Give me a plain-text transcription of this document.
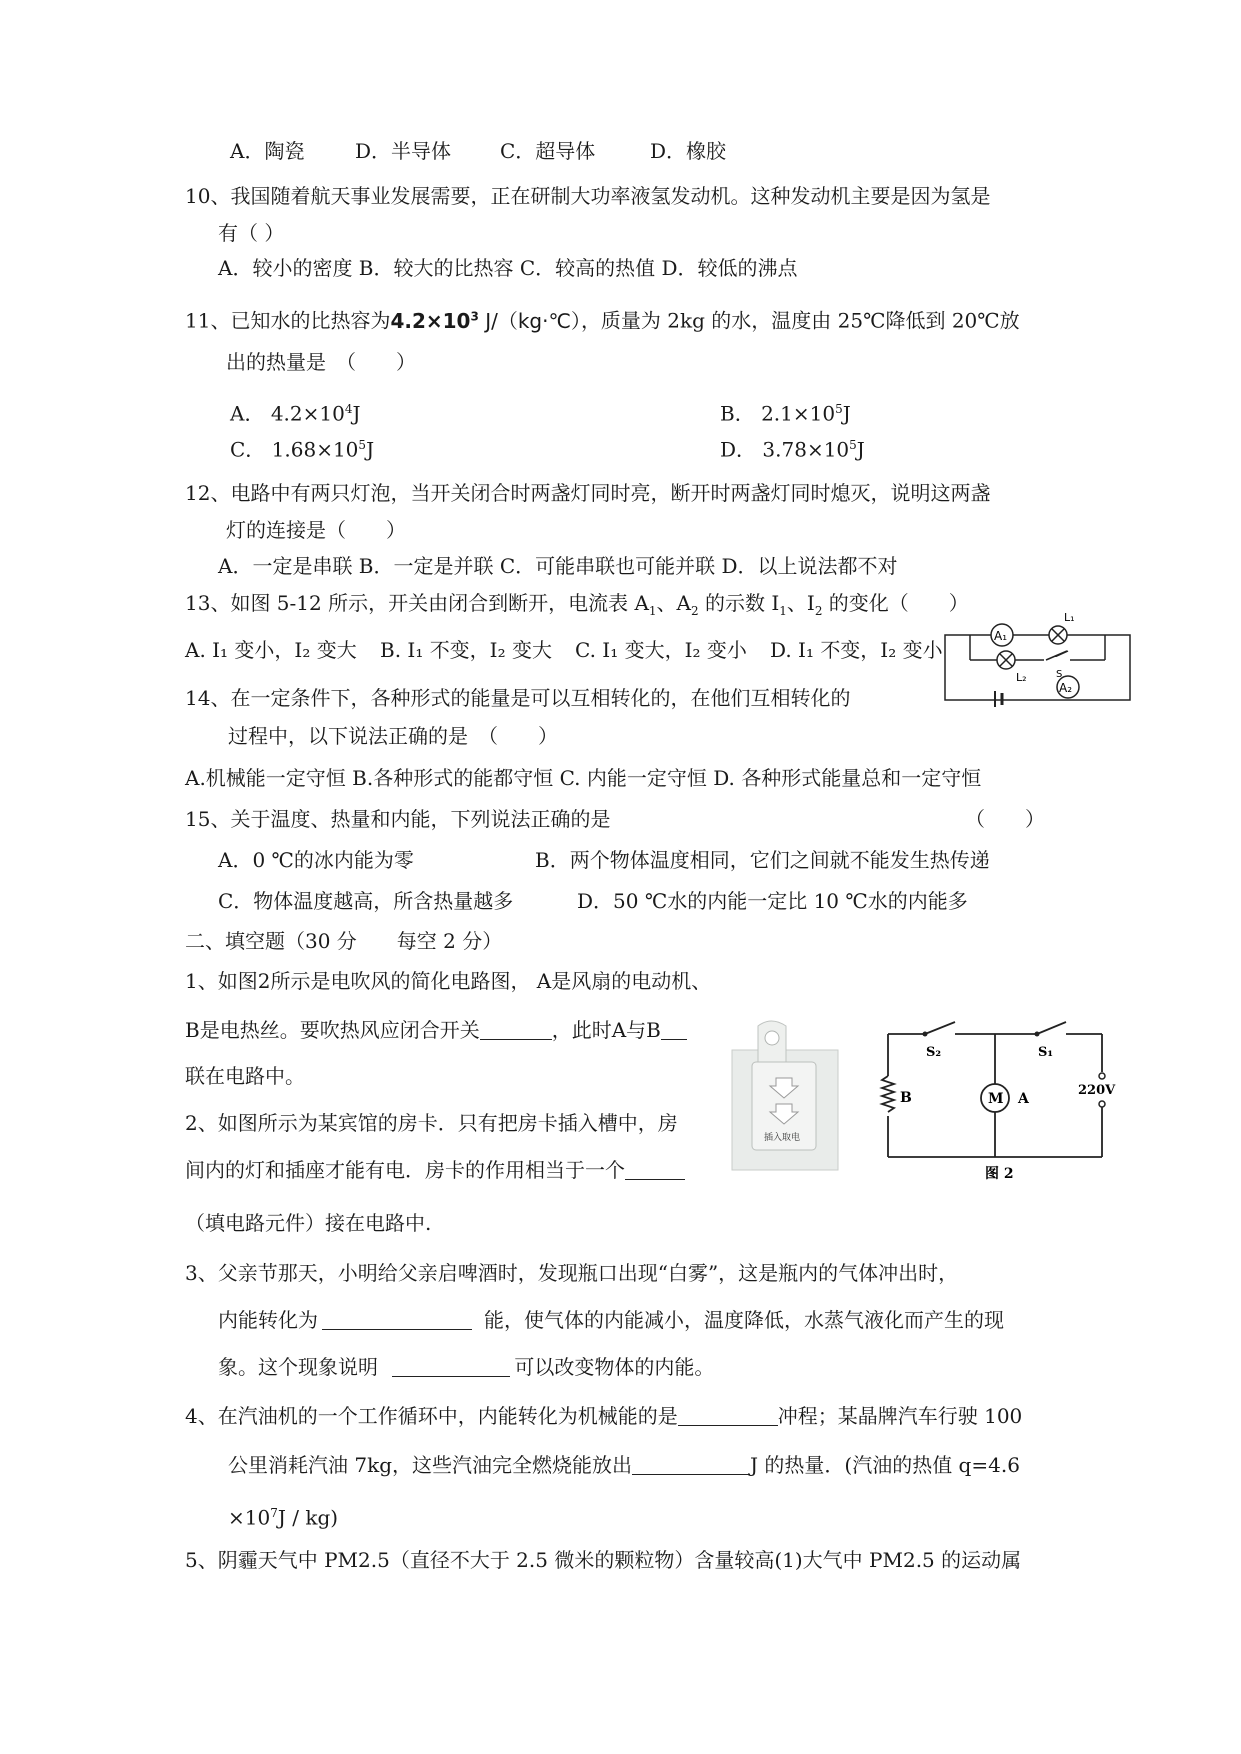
A．陶瓷	D．半导体 C．超导体	D．橡胶
10、我国随着航天事业发展需要，正在研制大功率液氢发动机。这种发动机主要是因为氢是
有（ ）
A．较小的密度 B．较大的比热容 C．较高的热值 D．较低的沸点
11、已知水的比热容为$4.2\times 10^3$ J/（kg·℃），质量为 2kg 的水，温度由 25℃降低到 20℃放
出的热量是　（　　）
A． $4.2\times 10^4J$	B． $2.1\times 10^5J$
C． $1.68\times 10^5J$	D． $3.78\times 10^5J$
12、电路中有两只灯泡，当开关闭合时两盏灯同时亮，断开时两盏灯同时熄灭，说明这两盏
灯的连接是（　　）
A．一定是串联 B．一定是并联 C．可能串联也可能并联 D．以上说法都不对
13、如图 5-12 所示，开关由闭合到断开，电流表 $A_1$、$A_2$ 的示数 $I_1$、$I_2$ 的变化（　　）
A. I₁ 变小，I₂ 变大 B. I₁ 不变，I₂ 变大 C. I₁ 变大，I₂ 变小 D. I₁ 不变，I₂ 变小
A₁
L₁
L₂	S
A₂
14、在一定条件下，各种形式的能量是可以互相转化的，在他们互相转化的
过程中，以下说法正确的是　（　　）
A.机械能一定守恒 B.各种形式的能都守恒 C. 内能一定守恒 D. 各种形式能量总和一定守恒
15、关于温度、热量和内能，下列说法正确的是	（　　）
A．0 ℃的冰内能为零	B．两个物体温度相同，它们之间就不能发生热传递
C．物体温度越高，所含热量越多	D．50 ℃水的内能一定比 10 ℃水的内能多
二、填空题（30 分　　每空 2 分）
1、如图2所示是电吹风的简化电路图， A是风扇的电动机、
B是电热丝。要吹热风应闭合开关	，此时A与B
联在电路中。
插入取电
S₂	S₁
B	M A
220V
图 2
2、如图所示为某宾馆的房卡．只有把房卡插入槽中，房
间内的灯和插座才能有电．房卡的作用相当于一个
（填电路元件）接在电路中.
3、父亲节那天，小明给父亲启啤酒时，发现瓶口出现“白雾”，这是瓶内的气体冲出时，
内能转化为	能，使气体的内能减小，温度降低，水蒸气液化而产生的现
象。这个现象说明	可以改变物体的内能。
4、在汽油机的一个工作循环中，内能转化为机械能的是	冲程；某晶牌汽车行驶 100
公里消耗汽油 7kg，这些汽油完全燃烧能放出	J 的热量．(汽油的热值 q=4.6
$\times 10^7J / kg$)
5、阴霾天气中 PM2.5（直径不大于 2.5 微米的颗粒物）含量较高(1)大气中 PM2.5 的运动属
